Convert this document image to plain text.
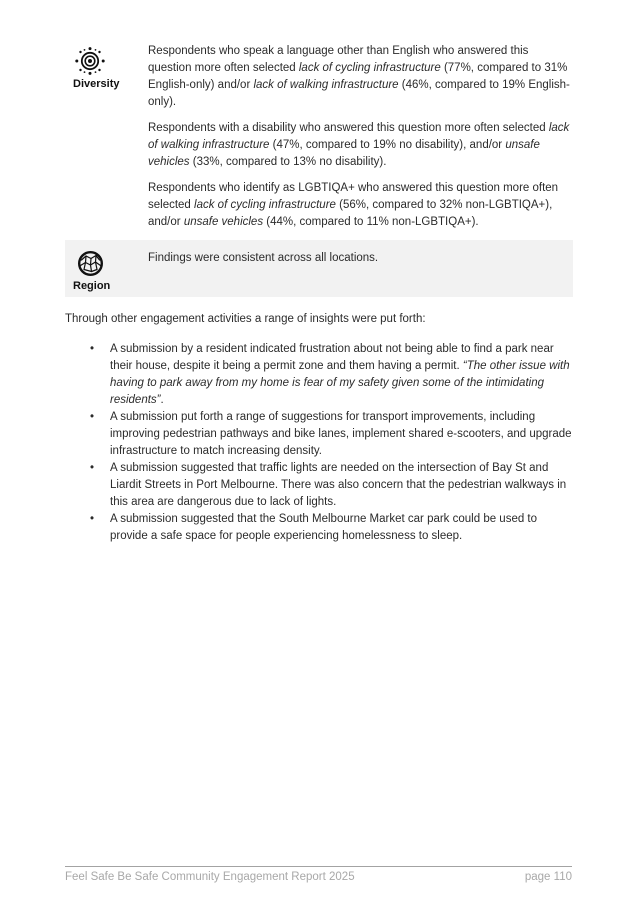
Diversity

Respondents who speak a language other than English who answered this question more often selected lack of cycling infrastructure (77%, compared to 31% English-only) and/or lack of walking infrastructure (46%, compared to 19% English-only).

Respondents with a disability who answered this question more often selected lack of walking infrastructure (47%, compared to 19% no disability), and/or unsafe vehicles (33%, compared to 13% no disability).

Respondents who identify as LGBTIQA+ who answered this question more often selected lack of cycling infrastructure (56%, compared to 32% non-LGBTIQA+), and/or unsafe vehicles (44%, compared to 11% non-LGBTIQA+).

Region

Findings were consistent across all locations.

Through other engagement activities a range of insights were put forth:

• A submission by a resident indicated frustration about not being able to find a park near their house, despite it being a permit zone and them having a permit. “The other issue with having to park away from my home is fear of my safety given some of the intimidating residents”.
• A submission put forth a range of suggestions for transport improvements, including improving pedestrian pathways and bike lanes, implement shared e-scooters, and upgrade infrastructure to match increasing density.
• A submission suggested that traffic lights are needed on the intersection of Bay St and Liardit Streets in Port Melbourne. There was also concern that the pedestrian walkways in this area are dangerous due to lack of lights.
• A submission suggested that the South Melbourne Market car park could be used to provide a safe space for people experiencing homelessness to sleep.
Feel Safe Be Safe Community Engagement Report 2025	page 110
